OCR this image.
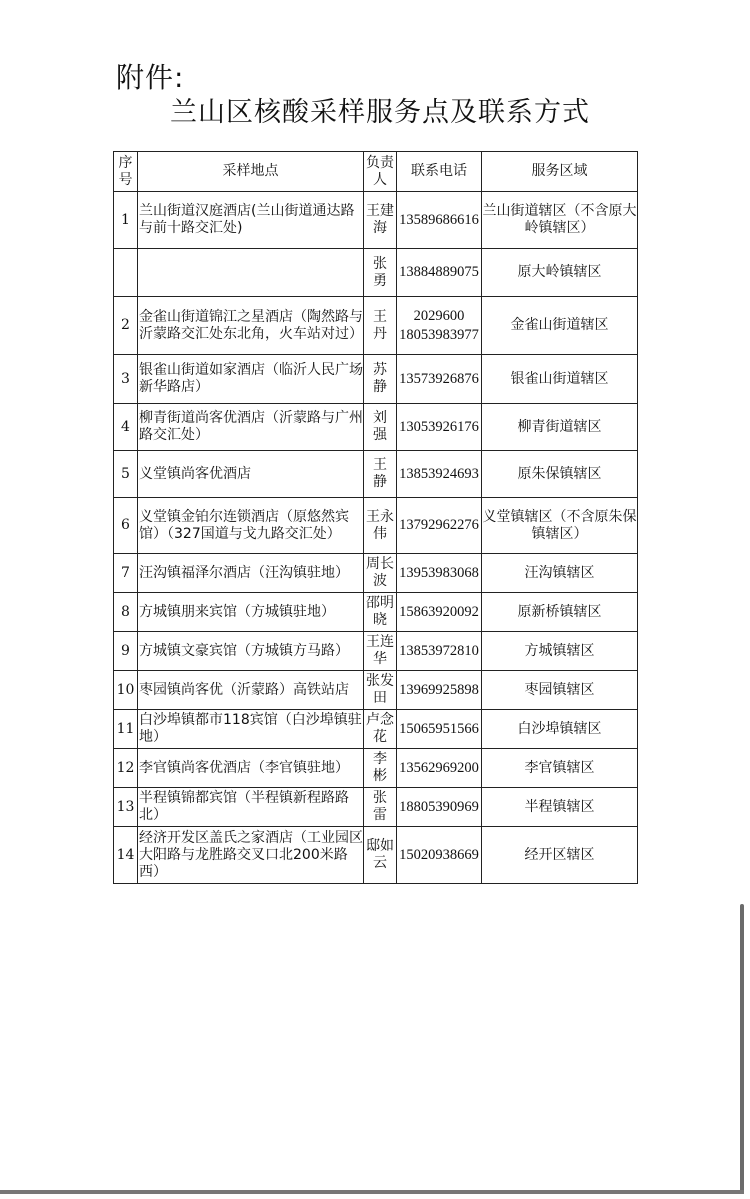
附件:
兰山区核酸采样服务点及联系方式
序号	采样地点	负责人	联系电话	服务区域
1	兰山街道汉庭酒店(兰山街道通达路与前十路交汇处)	王建海	13589686616	兰山街道辖区（不含原大岭镇辖区）
		张勇	13884889075	原大岭镇辖区
2	金雀山街道锦江之星酒店（陶然路与沂蒙路交汇处东北角，火车站对过）	王丹	2029600 18053983977	金雀山街道辖区
3	银雀山街道如家酒店（临沂人民广场新华路店）	苏静	13573926876	银雀山街道辖区
4	柳青街道尚客优酒店（沂蒙路与广州路交汇处）	刘强	13053926176	柳青街道辖区
5	义堂镇尚客优酒店	王静	13853924693	原朱保镇辖区
6	义堂镇金铂尔连锁酒店（原悠然宾馆）（327国道与戈九路交汇处）	王永伟	13792962276	义堂镇辖区（不含原朱保镇辖区）
7	汪沟镇福泽尔酒店（汪沟镇驻地）	周长波	13953983068	汪沟镇辖区
8	方城镇朋来宾馆（方城镇驻地）	邵明晓	15863920092	原新桥镇辖区
9	方城镇文豪宾馆（方城镇方马路）	王连华	13853972810	方城镇辖区
10	枣园镇尚客优（沂蒙路）高铁站店	张发田	13969925898	枣园镇辖区
11	白沙埠镇都市118宾馆（白沙埠镇驻地）	卢念花	15065951566	白沙埠镇辖区
12	李官镇尚客优酒店（李官镇驻地）	李彬	13562969200	李官镇辖区
13	半程镇锦都宾馆（半程镇新程路路北）	张雷	18805390969	半程镇辖区
14	经济开发区盖氏之家酒店（工业园区大阳路与龙胜路交叉口北200米路西）	邸如云	15020938669	经开区辖区
